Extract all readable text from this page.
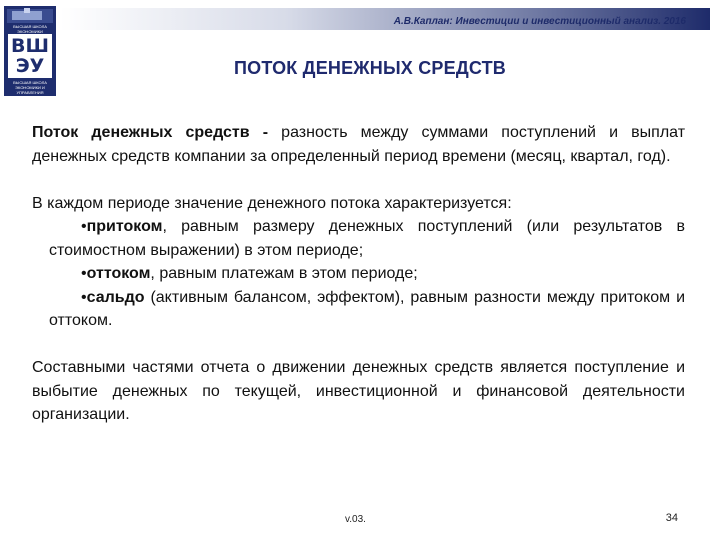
ВЫСШАЯ ШКОЛА ЭКОНОМИКИ
ВШ
ЭУ
ВЫСШАЯ ШКОЛА ЭКОНОМИКИ И УПРАВЛЕНИЯ
А.В.Каплан: Инвестиции и инвестиционный анализ. 2016
ПОТОК ДЕНЕЖНЫХ СРЕДСТВ

Поток денежных средств - разность между суммами поступлений и выплат денежных средств компании за определенный период времени (месяц, квартал, год).

В каждом периоде значение денежного потока характеризуется:

•притоком, равным размеру денежных поступлений (или результатов в стоимостном выражении) в этом периоде;

•оттоком, равным платежам в этом периоде;

•сальдо (активным балансом, эффектом), равным разности между притоком и оттоком.

Составными частями отчета о движении денежных средств является поступление и выбытие денежных по текущей, инвестиционной и финансовой деятельности организации.

v.03.	34
